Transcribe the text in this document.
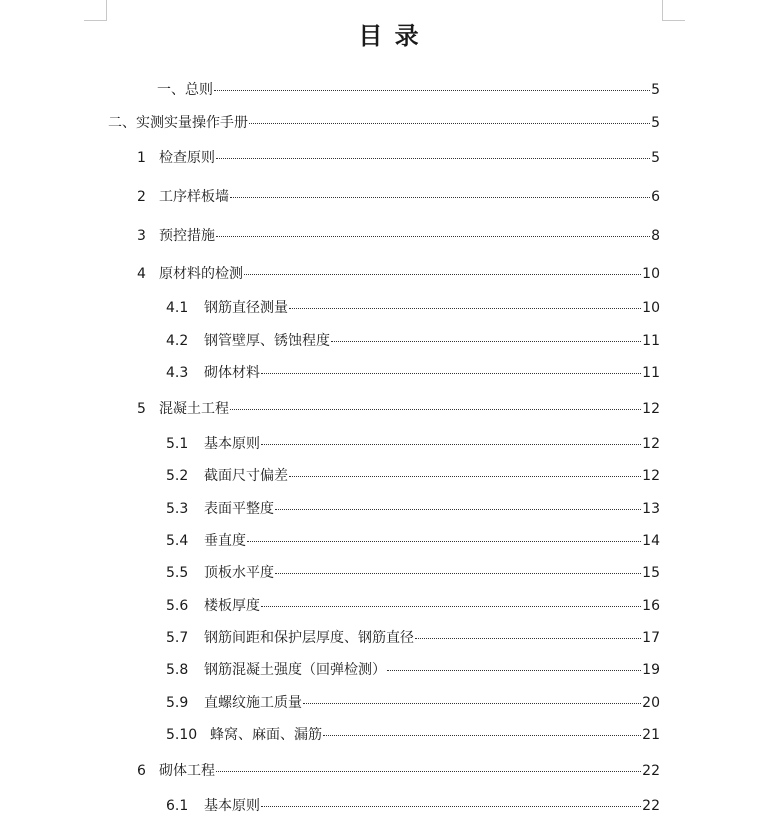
目 录
一、总则	5
二、实测实量操作手册	5
1 检查原则	5
2 工序样板墙	6
3 预控措施	8
4 原材料的检测	10
4.1	钢筋直径测量	10
4.2	钢管壁厚、锈蚀程度	11
4.3	砌体材料	11
5 混凝土工程	12
5.1	基本原则	12
5.2	截面尺寸偏差	12
5.3	表面平整度	13
5.4	垂直度	14
5.5	顶板水平度	15
5.6	楼板厚度	16
5.7	钢筋间距和保护层厚度、钢筋直径	17
5.8	钢筋混凝土强度（回弹检测）	19
5.9	直螺纹施工质量	20
5.10 蜂窝、麻面、漏筋	21
6 砌体工程	22
6.1	基本原则	22
